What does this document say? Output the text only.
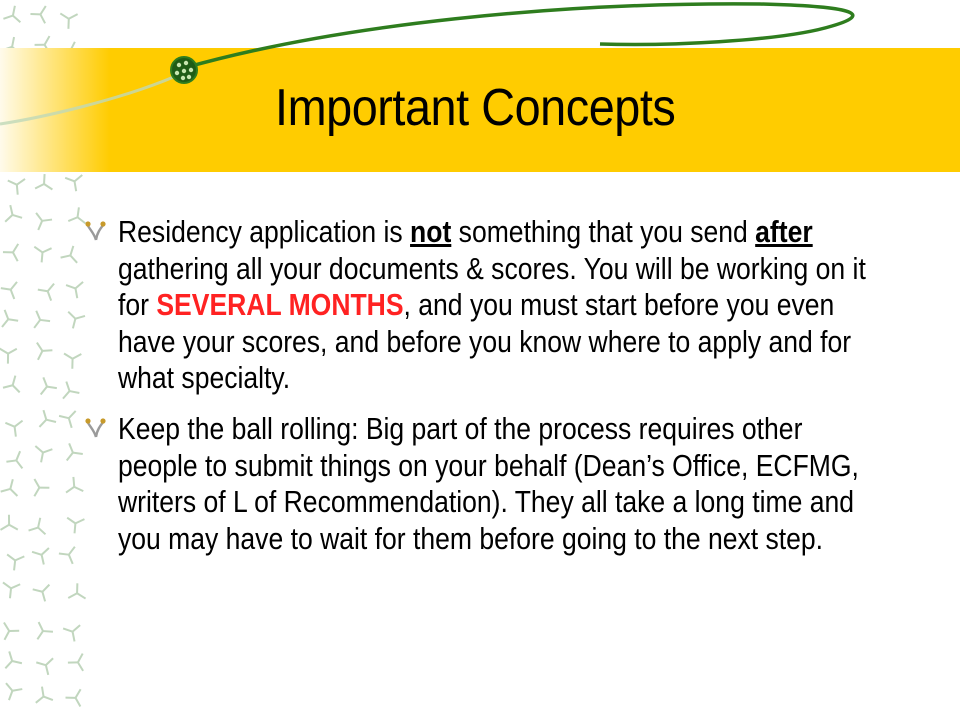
Important Concepts
Residency application is not something that you send after gathering all your documents & scores. You will be working on it for SEVERAL MONTHS, and you must start before you even have your scores, and before you know where to apply and for what specialty.
Keep the ball rolling: Big part of the process requires other people to submit things on your behalf (Dean’s Office, ECFMG, writers of L of Recommendation). They all take a long time and you may have to wait for them before going to the next step.
